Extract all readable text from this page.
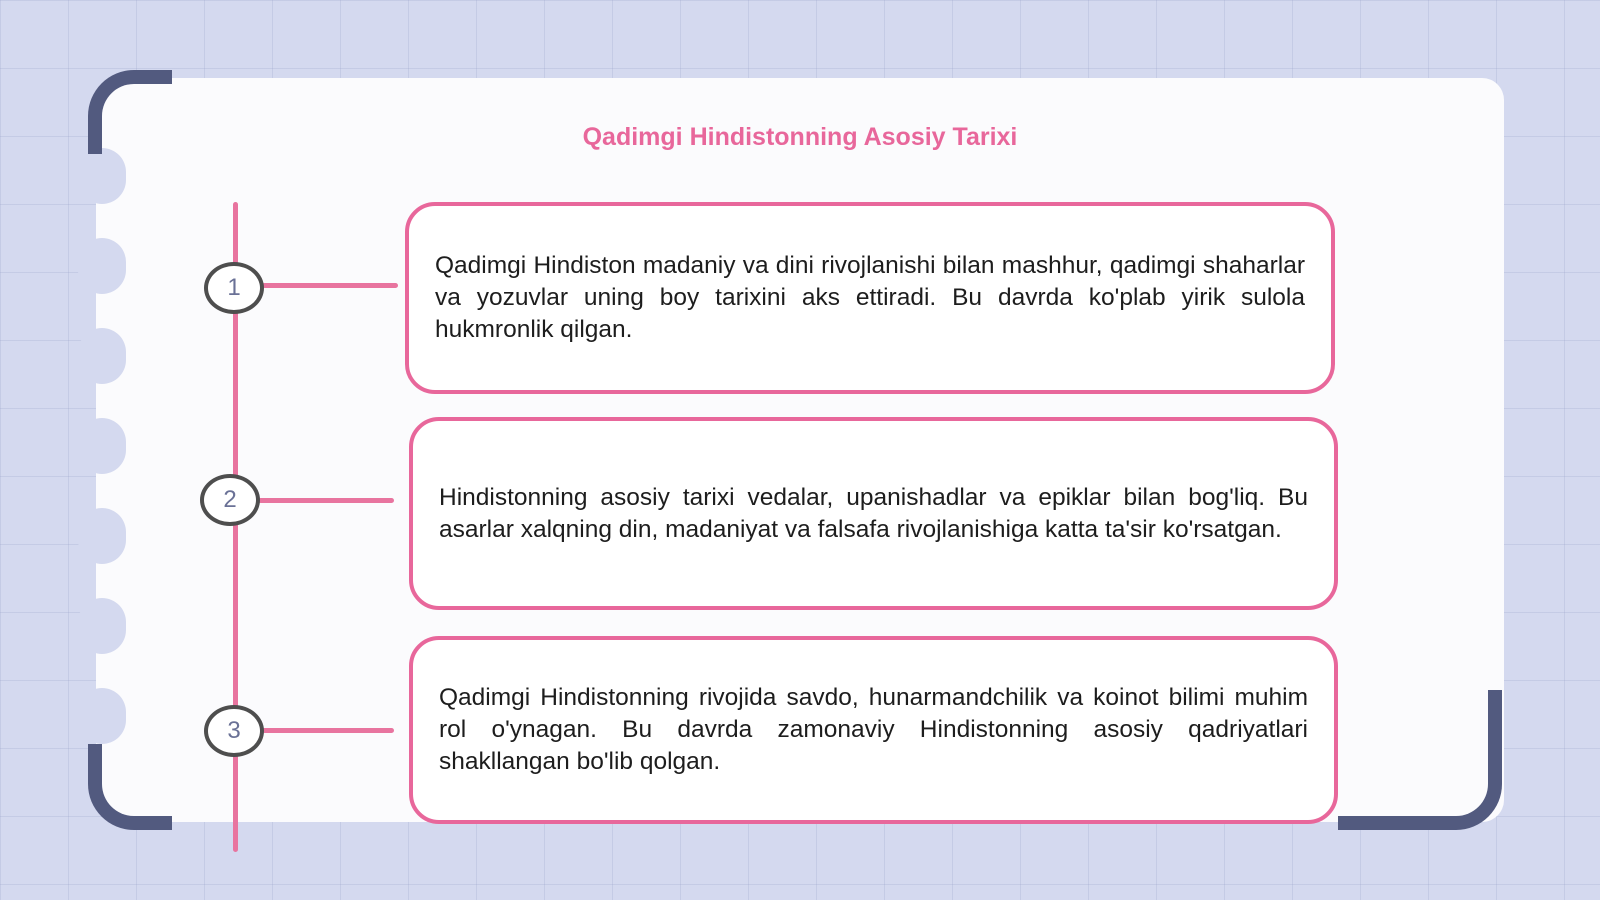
Qadimgi Hindistonning Asosiy Tarixi
1

Qadimgi Hindiston madaniy va dini rivojlanishi bilan mashhur, qadimgi shaharlar va yozuvlar uning boy tarixini aks ettiradi. Bu davrda ko'plab yirik sulola hukmronlik qilgan.

2	Hindistonning asosiy tarixi vedalar, upanishadlar va epiklar bilan bog'liq. Bu asarlar xalqning din, madaniyat va falsafa rivojlanishiga katta ta'sir ko'rsatgan.

3

Qadimgi Hindistonning rivojida savdo, hunarmandchilik va koinot bilimi muhim rol o'ynagan. Bu davrda zamonaviy Hindistonning asosiy qadriyatlari shakllangan bo'lib qolgan.
